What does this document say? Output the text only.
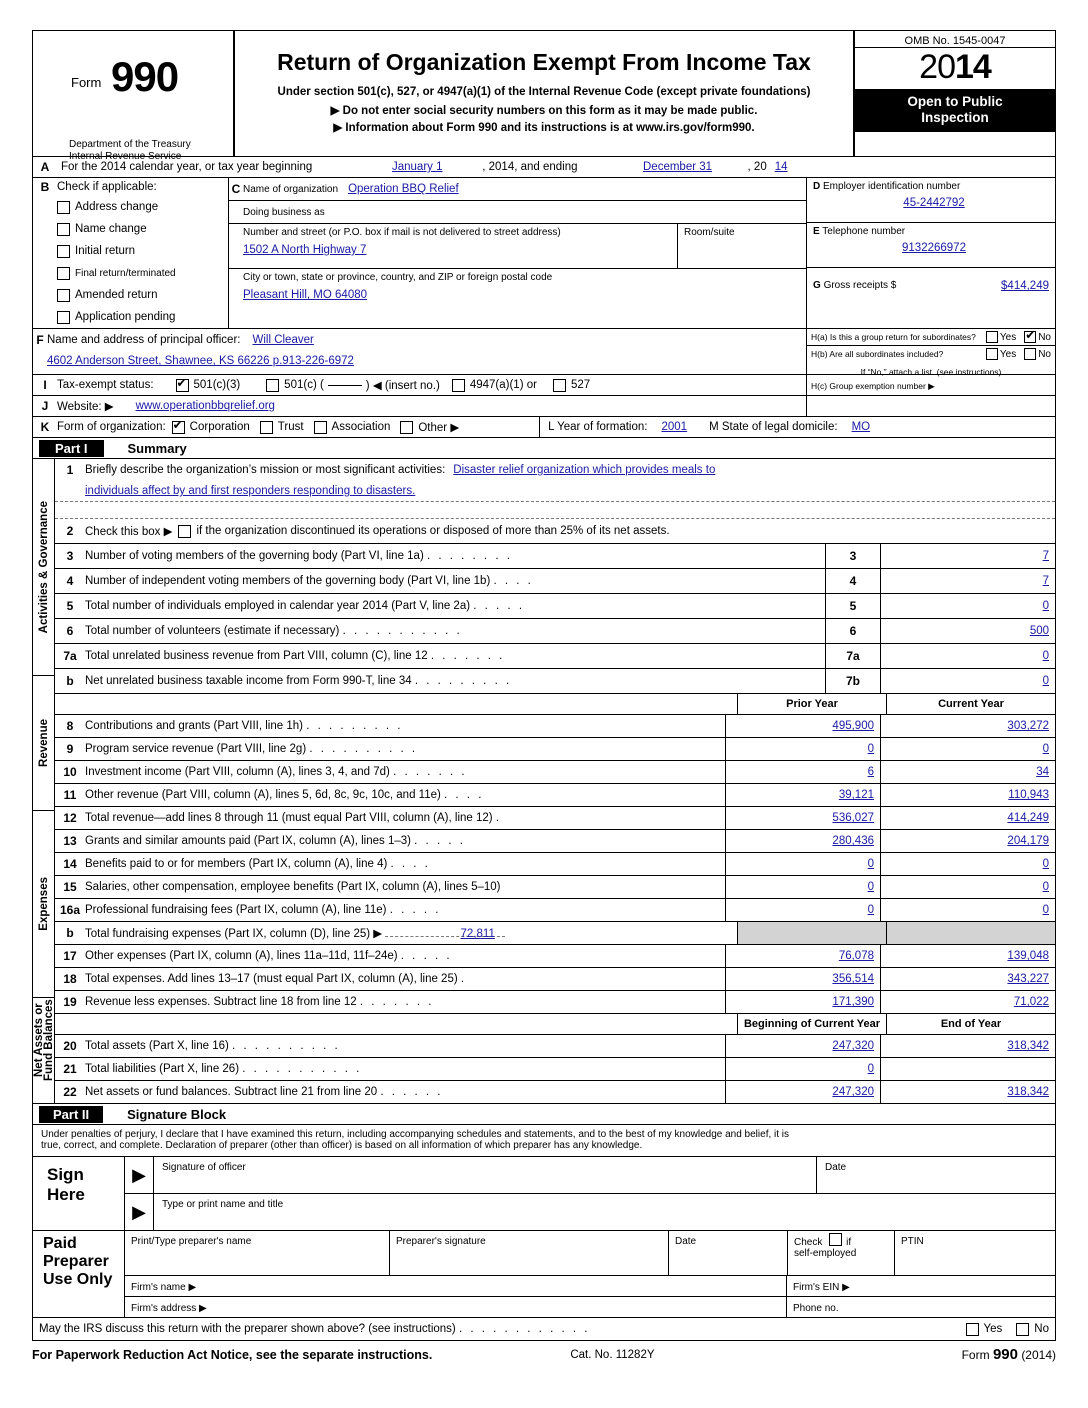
Form 990
Department of the Treasury
Internal Revenue Service
Return of Organization Exempt From Income Tax
Under section 501(c), 527, or 4947(a)(1) of the Internal Revenue Code (except private foundations)
▶ Do not enter social security numbers on this form as it may be made public.
▶ Information about Form 990 and its instructions is at www.irs.gov/form990.
OMB No. 1545-0047
2014
Open to Public
Inspection
A	For the 2014 calendar year, or tax year beginning	January 1	, 2014, and ending	December 31	, 20 14
B Check if applicable:
Address change
Name change
Initial return
Final return/terminated
Amended return
Application pending
C Name of organization Operation BBQ Relief
Doing business as
Number and street (or P.O. box if mail is not delivered to street address)
1502 A North Highway 7
Room/suite
City or town, state or province, country, and ZIP or foreign postal code
Pleasant Hill, MO 64080
D Employer identification number
45-2442792
E Telephone number
9132266972
G Gross receipts $	$414,249
F Name and address of principal officer: Will Cleaver
4602 Anderson Street, Shawnee, KS 66226 p.913-226-6972
H(a) Is this a group return for subordinates?	Yes ✔ No
H(b) Are all subordinates included?	Yes No
If “No,” attach a list. (see instructions)
I Tax-exempt status: ✔	501(c)(3)	501(c) (	) ◀ (insert no.)	4947(a)(1) or	527	H(c) Group exemption number ▶
J Website: ▶ www.operationbbqrelief.org
K Form of organization: ✔ Corporation Trust Association Other ▶	L Year of formation: 2001 M State of legal domicile: MO
Part I	Summary
Activities & Governance
Revenue
Expenses
Net Assets or Fund Balances
1	Briefly describe the organization’s mission or most significant activities: Disaster relief organization which provides meals to
individuals affect by and first responders responding to disasters.
2	Check this box ▶ if the organization discontinued its operations or disposed of more than 25% of its net assets.
3	Number of voting members of the governing body (Part VI, line 1a) . . . . . . . .	3	7
4	Number of independent voting members of the governing body (Part VI, line 1b) . . . .	4	7
5	Total number of individuals employed in calendar year 2014 (Part V, line 2a) . . . . .	5	0
6	Total number of volunteers (estimate if necessary) . . . . . . . . . . .	6	500
7a Total unrelated business revenue from Part VIII, column (C), line 12 . . . . . . .	7a	0
b Net unrelated business taxable income from Form 990-T, line 34 . . . . . . . . .	7b	0
Prior Year	Current Year
8	Contributions and grants (Part VIII, line 1h) . . . . . . . . .	495,900	303,272
9	Program service revenue (Part VIII, line 2g) . . . . . . . . . .	0	0
10 Investment income (Part VIII, column (A), lines 3, 4, and 7d) . . . . . . .	6	34
11 Other revenue (Part VIII, column (A), lines 5, 6d, 8c, 9c, 10c, and 11e) . . . .	39,121	110,943
12 Total revenue—add lines 8 through 11 (must equal Part VIII, column (A), line 12) .	536,027	414,249
13 Grants and similar amounts paid (Part IX, column (A), lines 1–3) . . . . .	280,436	204,179
14 Benefits paid to or for members (Part IX, column (A), line 4) . . . .	0	0
15 Salaries, other compensation, employee benefits (Part IX, column (A), lines 5–10)	0	0
16a Professional fundraising fees (Part IX, column (A), line 11e) . . . . .	0	0
b Total fundraising expenses (Part IX, column (D), line 25) ▶	72,811
17 Other expenses (Part IX, column (A), lines 11a–11d, 11f–24e) . . . . .	76,078	139,048
18 Total expenses. Add lines 13–17 (must equal Part IX, column (A), line 25) .	356,514	343,227
19 Revenue less expenses. Subtract line 18 from line 12 . . . . . . .	171,390	71,022
Beginning of Current Year	End of Year
20 Total assets (Part X, line 16) . . . . . . . . . .	247,320	318,342
21 Total liabilities (Part X, line 26) . . . . . . . . . . .	0
22 Net assets or fund balances. Subtract line 21 from line 20 . . . . . .	247,320	318,342
Part II	Signature Block
Under penalties of perjury, I declare that I have examined this return, including accompanying schedules and statements, and to the best of my knowledge and belief, it is
true, correct, and complete. Declaration of preparer (other than officer) is based on all information of which preparer has any knowledge.
Sign
Here
▶	Signature of officer	Date
▶	Type or print name and title
Paid
Preparer
Use Only
Print/Type preparer's name	Preparer's signature	Date	Check if
self-employed
PTIN
Firm's name ▶	Firm's EIN ▶
Firm's address ▶	Phone no.
May the IRS discuss this return with the preparer shown above? (see instructions) . . . . . . . . . . . .	Yes	No
For Paperwork Reduction Act Notice, see the separate instructions.	Cat. No. 11282Y	Form 990 (2014)
